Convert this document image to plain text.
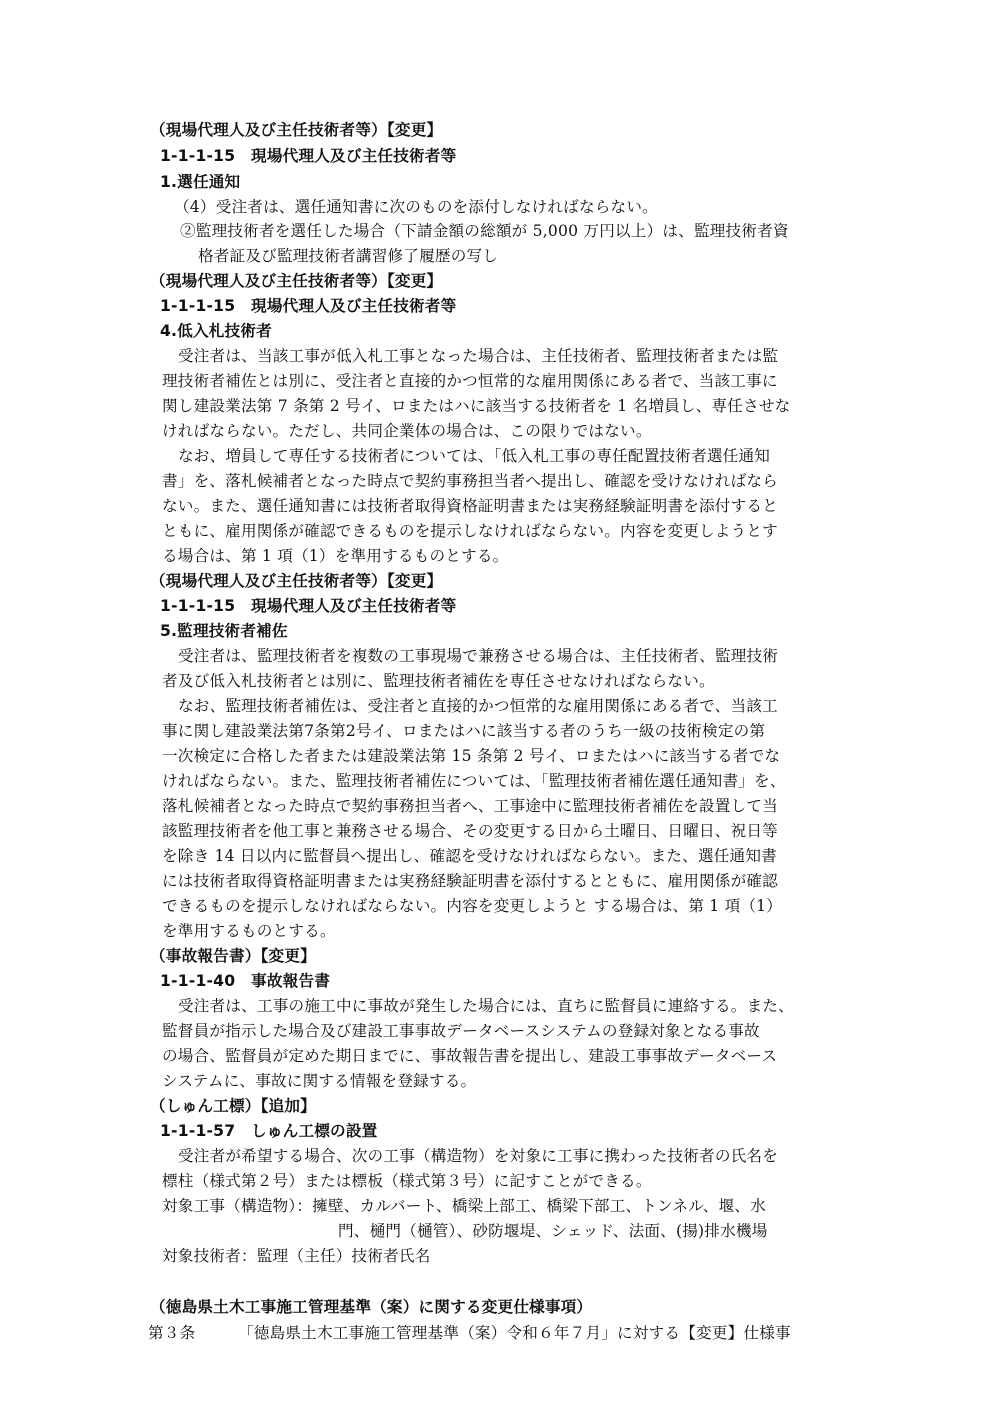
（現場代理人及び主任技術者等）【変更】
1-1-1-15　現場代理人及び主任技術者等
1.選任通知
（4）受注者は、選任通知書に次のものを添付しなければならない。
②監理技術者を選任した場合（下請金額の総額が 5,000 万円以上）は、監理技術者資
格者証及び監理技術者講習修了履歴の写し
（現場代理人及び主任技術者等）【変更】
1-1-1-15　現場代理人及び主任技術者等
4.低入札技術者
受注者は、当該工事が低入札工事となった場合は、主任技術者、監理技術者または監
理技術者補佐とは別に、受注者と直接的かつ恒常的な雇用関係にある者で、当該工事に
関し建設業法第 7 条第 2 号イ、ロまたはハに該当する技術者を 1 名増員し、専任させな
ければならない。ただし、共同企業体の場合は、この限りではない。
なお、増員して専任する技術者については、「低入札工事の専任配置技術者選任通知
書」を、落札候補者となった時点で契約事務担当者へ提出し、確認を受けなければなら
ない。また、選任通知書には技術者取得資格証明書または実務経験証明書を添付すると
ともに、雇用関係が確認できるものを提示しなければならない。内容を変更しようとす
る場合は、第 1 項（1）を準用するものとする。
（現場代理人及び主任技術者等）【変更】
1-1-1-15　現場代理人及び主任技術者等
5.監理技術者補佐
受注者は、監理技術者を複数の工事現場で兼務させる場合は、主任技術者、監理技術
者及び低入札技術者とは別に、監理技術者補佐を専任させなければならない。
なお、監理技術者補佐は、受注者と直接的かつ恒常的な雇用関係にある者で、当該工
事に関し建設業法第7条第2号イ、ロまたはハに該当する者のうち一級の技術検定の第
一次検定に合格した者または建設業法第 15 条第 2 号イ、ロまたはハに該当する者でな
ければならない。また、監理技術者補佐については、「監理技術者補佐選任通知書」を、
落札候補者となった時点で契約事務担当者へ、工事途中に監理技術者補佐を設置して当
該監理技術者を他工事と兼務させる場合、その変更する日から土曜日、日曜日、祝日等
を除き 14 日以内に監督員へ提出し、確認を受けなければならない。また、選任通知書
には技術者取得資格証明書または実務経験証明書を添付するとともに、雇用関係が確認
できるものを提示しなければならない。内容を変更しようと する場合は、第 1 項（1）
を準用するものとする。
（事故報告書）【変更】
1-1-1-40　事故報告書
受注者は、工事の施工中に事故が発生した場合には、直ちに監督員に連絡する。また、
監督員が指示した場合及び建設工事事故データベースシステムの登録対象となる事故
の場合、監督員が定めた期日までに、事故報告書を提出し、建設工事事故データベース
システムに、事故に関する情報を登録する。
（しゅん工標）【追加】
1-1-1-57　しゅん工標の設置
受注者が希望する場合、次の工事（構造物）を対象に工事に携わった技術者の氏名を
標柱（様式第２号）または標板（様式第３号）に記すことができる。
対象工事（構造物）：擁壁、カルバート、橋梁上部工、橋梁下部工、トンネル、堰、水
門、樋門（樋管）、砂防堰堤、シェッド、法面、(揚)排水機場
対象技術者：監理（主任）技術者氏名
（徳島県土木工事施工管理基準（案）に関する変更仕様事項）
第３条	「徳島県土木工事施工管理基準（案）令和６年７月」に対する【変更】仕様事
